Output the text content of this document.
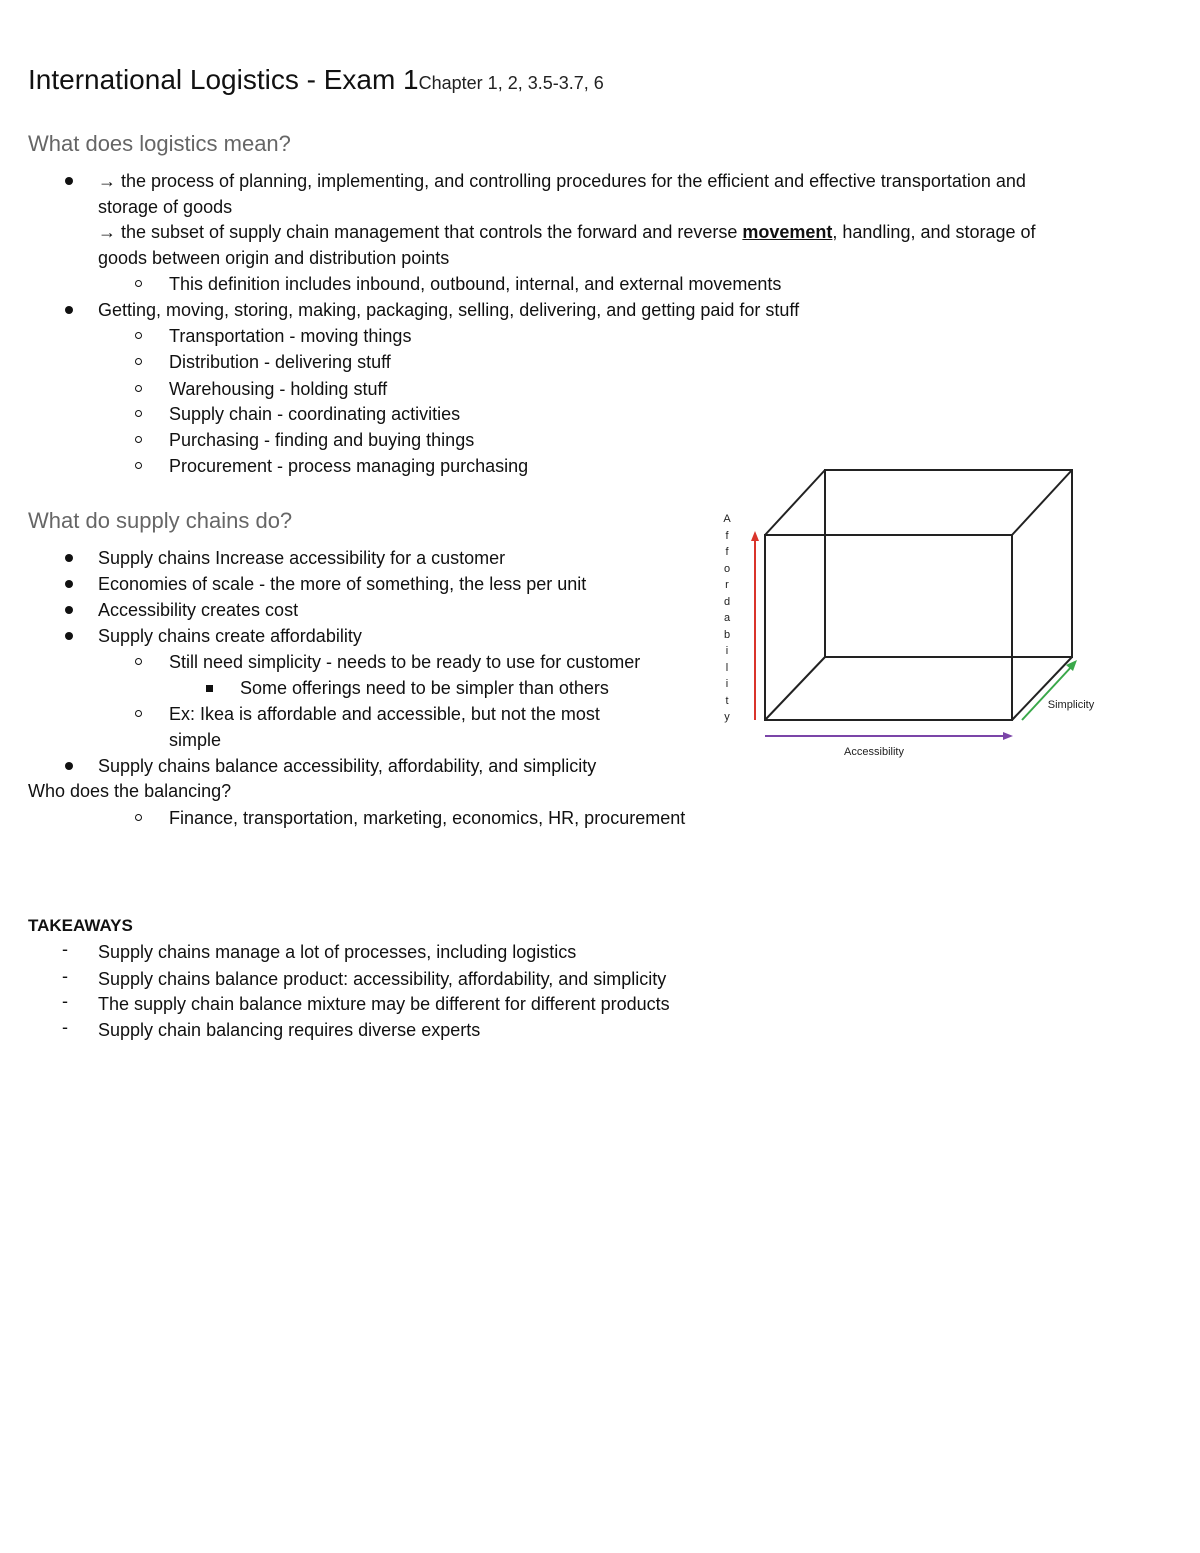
International Logistics - Exam 1Chapter 1, 2, 3.5-3.7, 6
What does logistics mean?
→ the process of planning, implementing, and controlling procedures for the efficient and effective transportation and
storage of goods
→ the subset of supply chain management that controls the forward and reverse movement, handling, and storage of
goods between origin and distribution points
This definition includes inbound, outbound, internal, and external movements
Getting, moving, storing, making, packaging, selling, delivering, and getting paid for stuff
Transportation - moving things
Distribution - delivering stuff
Warehousing - holding stuff
Supply chain - coordinating activities
Purchasing - finding and buying things
Procurement - process managing purchasing
What do supply chains do?
Supply chains Increase accessibility for a customer
Economies of scale - the more of something, the less per unit
Accessibility creates cost
Supply chains create affordability
Still need simplicity - needs to be ready to use for customer
Some offerings need to be simpler than others
Ex: Ikea is affordable and accessible, but not the most
simple
Supply chains balance accessibility, affordability, and simplicity
Who does the balancing?
Finance, transportation, marketing, economics, HR, procurement
A
f
f
o
r
d
a
b
i
l
i
t
y
Accessibility
Simplicity
TAKEAWAYS
- Supply chains manage a lot of processes, including logistics
- Supply chains balance product: accessibility, affordability, and simplicity
- The supply chain balance mixture may be different for different products
- Supply chain balancing requires diverse experts
